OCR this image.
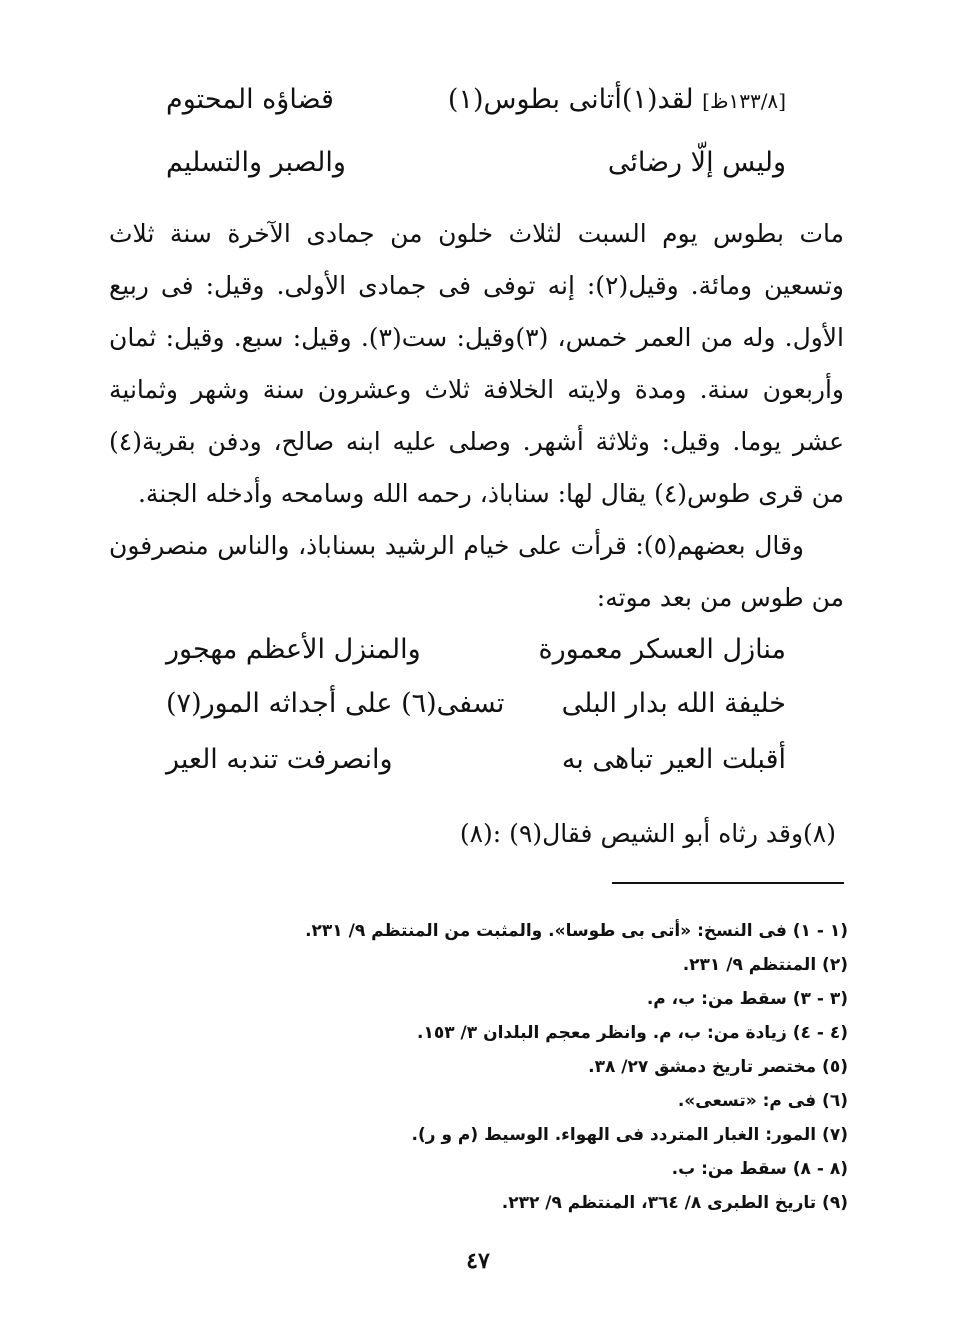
[١٣٣/٨ظ] لقد(١)أتانى بطوس(١)
قضاؤه المحتوم
وليس إلّا رضائى
والصبر والتسليم

مات بطوس يوم السبت لثلاث خلون من جمادى الآخرة سنة ثلاث وتسعين ومائة. وقيل(٢): إنه توفى فى جمادى الأولى. وقيل: فى ربيع الأول. وله من العمر خمس، (٣)وقيل: ست(٣). وقيل: سبع. وقيل: ثمان وأربعون سنة. ومدة ولايته الخلافة ثلاث وعشرون سنة وشهر وثمانية عشر يوما. وقيل: وثلاثة أشهر. وصلى عليه ابنه صالح، ودفن بقرية(٤) من قرى طوس(٤) يقال لها: سناباذ، رحمه الله وسامحه وأدخله الجنة.

وقال بعضهم(٥): قرأت على خيام الرشيد بسناباذ، والناس منصرفون من طوس من بعد موته:

منازل العسكر معمورة
والمنزل الأعظم مهجور
خليفة الله بدار البلى
تسفى(٦) على أجداثه المور(٧)
أقبلت العير تباهى به
وانصرفت تندبه العير

(٨)وقد رثاه أبو الشيص فقال(٩) :(٨)

(١ - ١) فى النسخ: «أتى بى طوسا». والمثبت من المنتظم ٩/ ٢٣١.
(٢) المنتظم ٩/ ٢٣١.
(٣ - ٣) سقط من: ب، م.
(٤ - ٤) زيادة من: ب، م. وانظر معجم البلدان ٣/ ١٥٣.
(٥) مختصر تاريخ دمشق ٢٧/ ٣٨.
(٦) فى م: «تسعى».
(٧) المور: الغبار المتردد فى الهواء. الوسيط (م و ر).
(٨ - ٨) سقط من: ب.
(٩) تاريخ الطبرى ٨/ ٣٦٤، المنتظم ٩/ ٢٣٢.
٤٧
